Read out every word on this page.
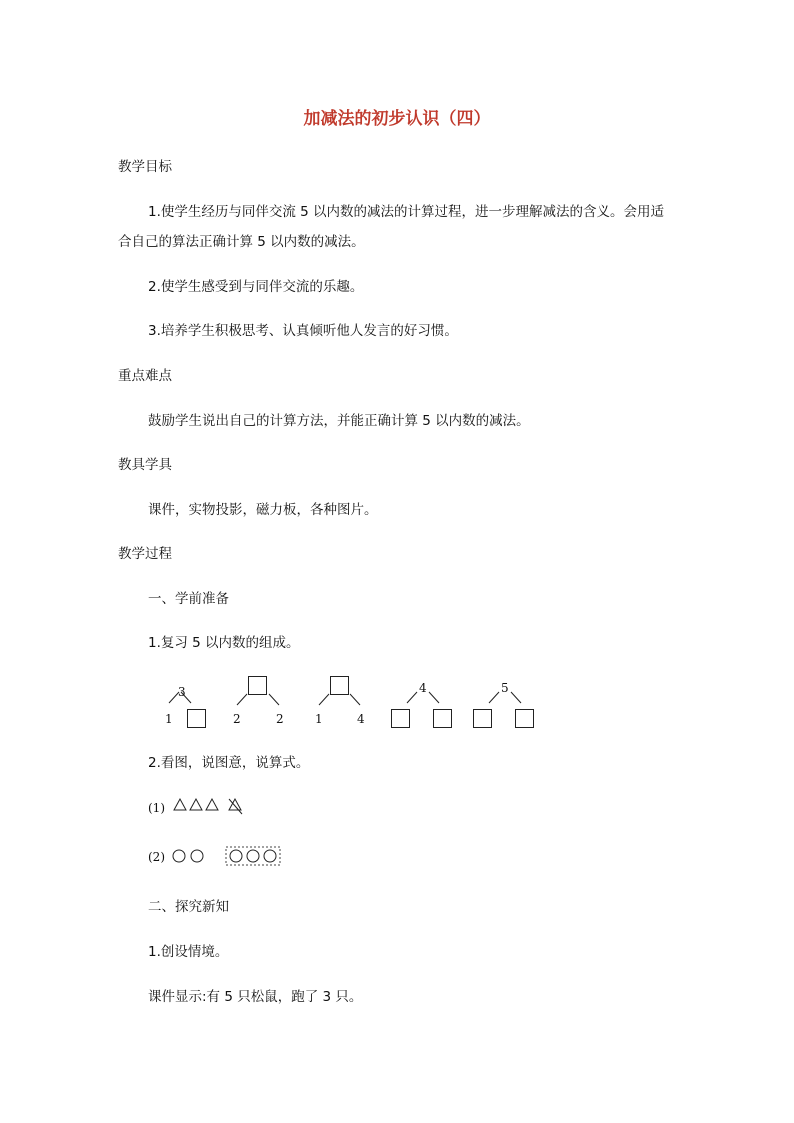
加减法的初步认识（四）
教学目标
1.使学生经历与同伴交流 5 以内数的减法的计算过程，进一步理解减法的含义。会用适
合自己的算法正确计算 5 以内数的减法。
2.使学生感受到与同伴交流的乐趣。
3.培养学生积极思考、认真倾听他人发言的好习惯。
重点难点
鼓励学生说出自己的计算方法，并能正确计算 5 以内数的减法。
教具学具
课件，实物投影，磁力板，各种图片。
教学过程
一、学前准备
1.复习 5 以内数的组成。
3
1	2	2	1	4
4	5
2.看图，说图意，说算式。
(1)
(2)
二、探究新知
1.创设情境。
课件显示:有 5 只松鼠，跑了 3 只。
